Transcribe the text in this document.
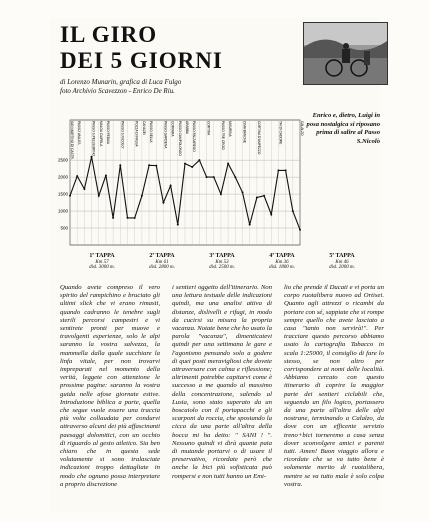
IL GIRO
DEI 5 GIORNI
di Lorenzo Munarin, grafica di Luca Fulgo
foto Archivio Scavezzon - Enrico De Riu.
Enrico e, dietro, Luigi in posa nostalgica si riposano prima di salire al Passo S.Nicolò
2500
2000
1500
1000
500
SAN MARTINO DI CASTR. PASSO VALLES	PASSO S.PELLEGRINO MALGA CIAPELA PASSO FEDAIA	PASSO S.NICOLO'	POZZA DI FASSA CANAZEI PASSO SELLA	PASSO GARDENA CORVARA PASSO CAMPOLONGO ARABBA PASSO FALZAREGO	CORTINA	PASSO TRE CROCI MISURINA	CIMA BANCHE	CORTINA D'AMPEZZO	TAI DI CADORE	CALALZO
1ª TAPPA
Km 57
disl. 3000 m.
2ª TAPPA
Km 61
disl. 2800 m.
3ª TAPPA
Km 53
disl. 2500 m.
4ª TAPPA
Km 36
disl. 1800 m.
5ª TAPPA
Km 46
disl. 2000 m.

Quando avete compreso il vero spirito del rampichino e bruciato gli ultimi slick che vi erano rimasti, quando cadranno le tenebre sugli sterili percorsi campestri e vi sentirete pronti per muove e travolgenti esperienze, solo le alpi saranno la vostra salvezza, la mammella dalla quale succhiare la linfa vitale, per non trovarvi impreparati nel momento della verità, leggete con attenzione le prossime pagine: saranno la vostra guida nelle afose giornate estive. Introduzione biblica a parte, quella che segue vuole essere una traccia più volte collaudata per condurvi attraverso alcuni dei più affascinanti paesaggi dolomitici, con un occhio di riguardo al gesto atletico. Sia ben chiaro che in questa sede volutamente si sono tralasciate indicazioni troppo dettagliate in modo che ognuno possa interpretare a proprio discrezione

i sentieri oggetto dell'itinerario. Non una lettura testuale delle indicazioni quindi, ma una analisi attiva di distanze, dislivelli e rifugi, in modo da cucirsi su misura la propria vacanza. Notate bene che ho usato la parola "vacanza", dimenticatevi quindi per una settimana le gare e l'agonismo pensando solo a godere di quei posti meravigliosi che dovete attraversare con calma e riflessione; altrimenti potrebbe capitarvi come è successo a me quando al massimo della concentrazione, salendo al Lusia, sono stato superato da un boscaiolo con il portapacchi e gli scarponi da roccia, che spostando la cicca da una parte all'altra della bocca mi ha detto: " SANI ! ". Nessuno quindi vi dirà quante paia di mutande portarvi o di usare il preservativo, ricordate però che anche la bici più sofisticata può rompersi e non tutti hanno un Emi-

lio che prende il Ducati e vi porta un corpo ruotalibera nuovo ad Ortisei. Quanto agli attrezzi o ricambi da portare con sé, sappiate che si rompe sempre quello che avete lasciato a casa "tanto non servirà!". Per tracciare questo percorso abbiamo usato la cartografia Tabacco in scala 1:25000, il consiglio di fare lo stesso, se non altro per corrispondere ai nomi delle località. Abbiamo cercato con questo itinerario di coprire la maggior parte dei sentieri ciclabili che, seguendo un filo logico, portassero da una parte all'altra delle alpi nostrane, terminando a Calalzo, da dove con un efficente servizio treno+bici torneremo a casa senza dover sconvolgere amici e parenti tutti. Amen! Buon viaggio allora e ricordate che se va tutto bene è solamente merito di ruotalibera, mentre se va tutto male è solo colpa vostra.
